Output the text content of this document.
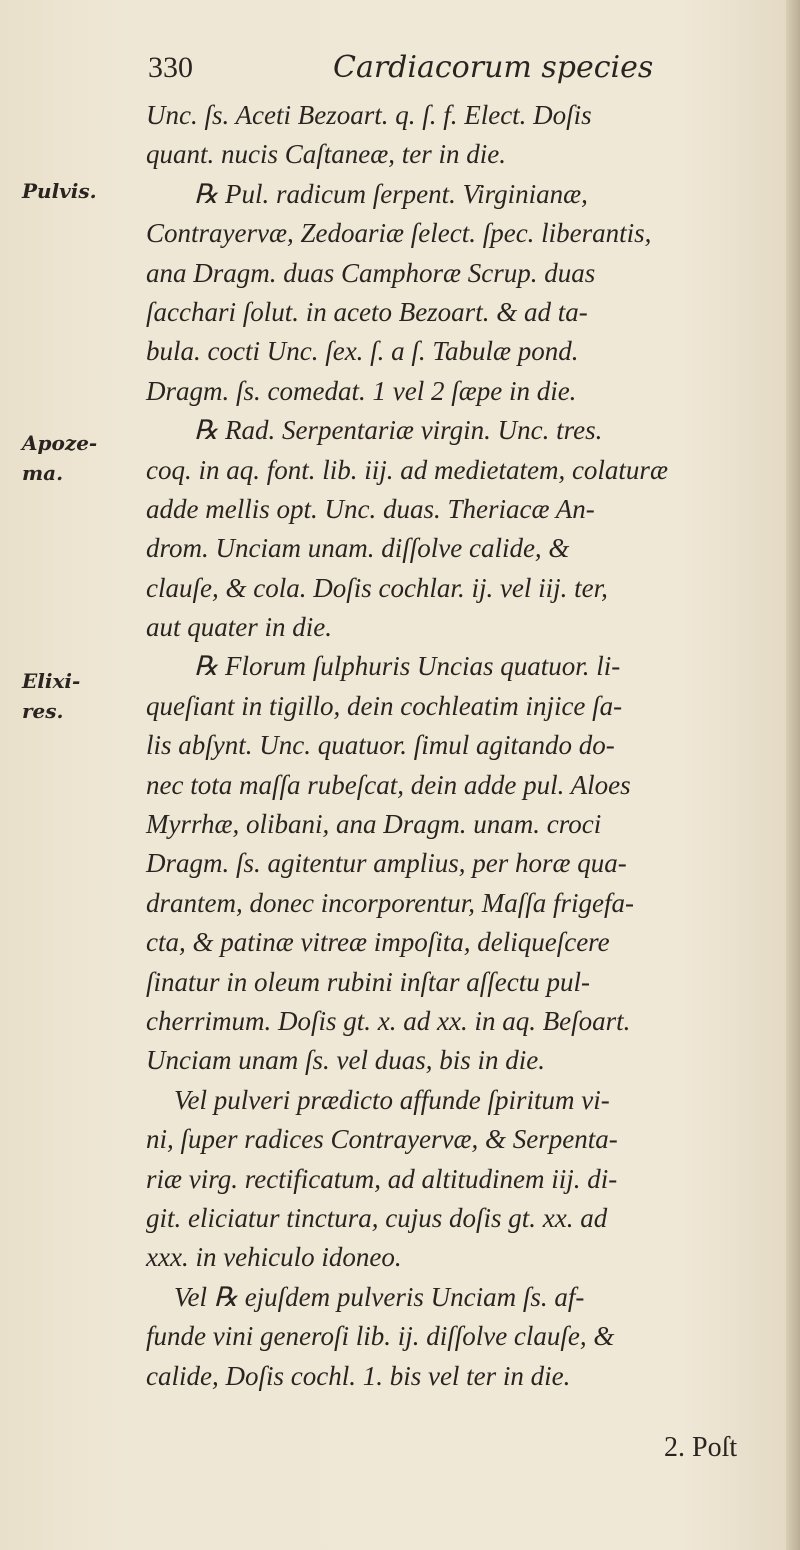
330	Cardiacorum species
Pulvis.
Apoze-
ma.
Elixi-
res.
Unc. ſs. Aceti Bezoart. q. ſ. f. Elect. Doſis
quant. nucis Caſtaneæ, ter in die.
℞ Pul. radicum ſerpent. Virginianæ,
Contrayervæ, Zedoariæ ſelect. ſpec. liberantis,
ana Dragm. duas Camphoræ Scrup. duas
ſacchari ſolut. in aceto Bezoart. & ad ta-
bula. cocti Unc. ſex. ſ. a ſ. Tabulæ pond.
Dragm. ſs. comedat. 1 vel 2 ſæpe in die.
℞ Rad. Serpentariæ virgin. Unc. tres.
coq. in aq. font. lib. iij. ad medietatem, colaturæ
adde mellis opt. Unc. duas. Theriacæ An-
drom. Unciam unam. diſſolve calide, &
clauſe, & cola. Doſis cochlar. ij. vel iij. ter,
aut quater in die.
℞ Florum ſulphuris Uncias quatuor. li-
queſiant in tigillo, dein cochleatim injice ſa-
lis abſynt. Unc. quatuor. ſimul agitando do-
nec tota maſſa rubeſcat, dein adde pul. Aloes
Myrrhæ, olibani, ana Dragm. unam. croci
Dragm. ſs. agitentur amplius, per horæ qua-
drantem, donec incorporentur, Maſſa frigefa-
cta, & patinæ vitreæ impoſita, deliqueſcere
ſinatur in oleum rubini inſtar aſſectu pul-
cherrimum. Doſis gt. x. ad xx. in aq. Beſoart.
Unciam unam ſs. vel duas, bis in die.
Vel pulveri prædicto affunde ſpiritum vi-
ni, ſuper radices Contrayervæ, & Serpenta-
riæ virg. rectificatum, ad altitudinem iij. di-
git. eliciatur tinctura, cujus doſis gt. xx. ad
xxx. in vehiculo idoneo.
Vel ℞ ejuſdem pulveris Unciam ſs. af-
funde vini generoſi lib. ij. diſſolve clauſe, &
calide, Doſis cochl. 1. bis vel ter in die.
2. Poſt
